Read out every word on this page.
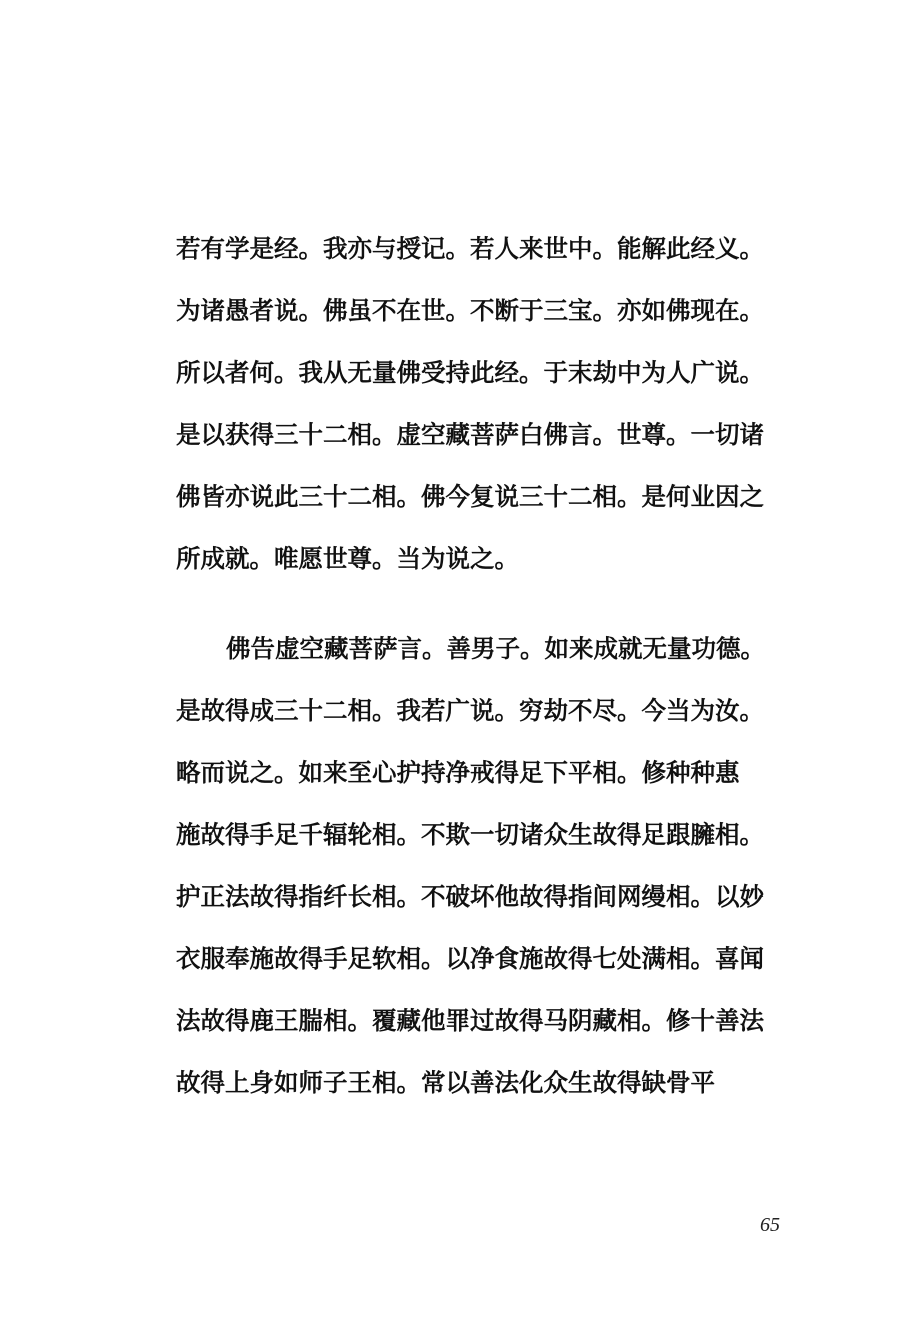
若有学是经。我亦与授记。若人来世中。能解此经义。
为诸愚者说。佛虽不在世。不断于三宝。亦如佛现在。
所以者何。我从无量佛受持此经。于末劫中为人广说。
是以获得三十二相。虚空藏菩萨白佛言。世尊。一切诸
佛皆亦说此三十二相。佛今复说三十二相。是何业因之
所成就。唯愿世尊。当为说之。
佛告虚空藏菩萨言。善男子。如来成就无量功德。
是故得成三十二相。我若广说。穷劫不尽。今当为汝。
略而说之。如来至心护持净戒得足下平相。修种种惠
施故得手足千辐轮相。不欺一切诸众生故得足跟臃相。
护正法故得指纤长相。不破坏他故得指间网缦相。以妙
衣服奉施故得手足软相。以净食施故得七处满相。喜闻
法故得鹿王腨相。覆藏他罪过故得马阴藏相。修十善法
故得上身如师子王相。常以善法化众生故得缺骨平
65
